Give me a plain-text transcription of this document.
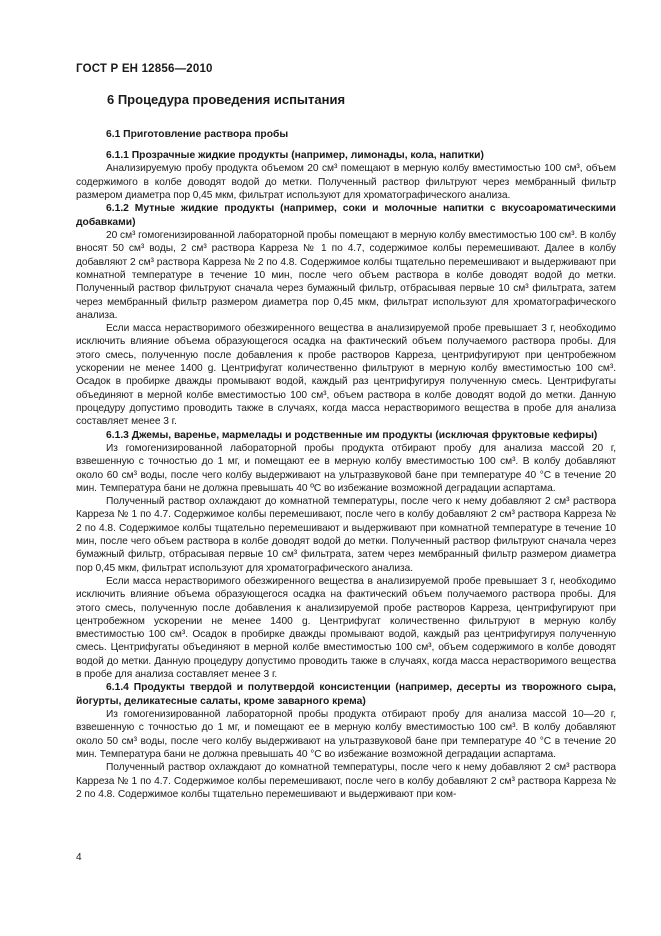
ГОСТ Р ЕН 12856—2010
6 Процедура проведения испытания
6.1 Приготовление раствора пробы

6.1.1 Прозрачные жидкие продукты (например, лимонады, кола, напитки)

Анализируемую пробу продукта объемом 20 см³ помещают в мерную колбу вместимостью 100 см³, объем содержимого в колбе доводят водой до метки. Полученный раствор фильтруют через мембранный фильтр размером диаметра пор 0,45 мкм, фильтрат используют для хроматографического анализа.

6.1.2 Мутные жидкие продукты (например, соки и молочные напитки с вкусоароматическими добавками)

20 см³ гомогенизированной лабораторной пробы помещают в мерную колбу вместимостью 100 см³. В колбу вносят 50 см³ воды, 2 см³ раствора Карреза № 1 по 4.7, содержимое колбы перемешивают. Далее в колбу добавляют 2 см³ раствора Карреза № 2 по 4.8. Содержимое колбы тщательно перемешивают и выдерживают при комнатной температуре в течение 10 мин, после чего объем раствора в колбе доводят водой до метки. Полученный раствор фильтруют сначала через бумажный фильтр, отбрасывая первые 10 см³ фильтрата, затем через мембранный фильтр размером диаметра пор 0,45 мкм, фильтрат используют для хроматографического анализа.

Если масса нерастворимого обезжиренного вещества в анализируемой пробе превышает 3 г, необходимо исключить влияние объема образующегося осадка на фактический объем получаемого раствора пробы. Для этого смесь, полученную после добавления к пробе растворов Карреза, центрифугируют при центробежном ускорении не менее 1400 g. Центрифугат количественно фильтруют в мерную колбу вместимостью 100 см³. Осадок в пробирке дважды промывают водой, каждый раз центрифугируя полученную смесь. Центрифугаты объединяют в мерной колбе вместимостью 100 см³, объем раствора в колбе доводят водой до метки. Данную процедуру допустимо проводить также в случаях, когда масса нерастворимого вещества в пробе для анализа составляет менее 3 г.

6.1.3 Джемы, варенье, мармелады и родственные им продукты (исключая фруктовые кефиры)

Из гомогенизированной лабораторной пробы продукта отбирают пробу для анализа массой 20 г, взвешенную с точностью до 1 мг, и помещают ее в мерную колбу вместимостью 100 см³. В колбу добавляют около 60 см³ воды, после чего колбу выдерживают на ультразвуковой бане при температуре 40 °С в течение 20 мин. Температура бани не должна превышать 40 ºС во избежание возможной деградации аспартама.

Полученный раствор охлаждают до комнатной температуры, после чего к нему добавляют 2 см³ раствора Карреза № 1 по 4.7. Содержимое колбы перемешивают, после чего в колбу добавляют 2 см³ раствора Карреза № 2 по 4.8. Содержимое колбы тщательно перемешивают и выдерживают при комнатной температуре в течение 10 мин, после чего объем раствора в колбе доводят водой до метки. Полученный раствор фильтруют сначала через бумажный фильтр, отбрасывая первые 10 см³ фильтрата, затем через мембранный фильтр размером диаметра пор 0,45 мкм, фильтрат используют для хроматографического анализа.

Если масса нерастворимого обезжиренного вещества в анализируемой пробе превышает 3 г, необходимо исключить влияние объема образующегося осадка на фактический объем получаемого раствора пробы. Для этого смесь, полученную после добавления к анализируемой пробе растворов Карреза, центрифугируют при центробежном ускорении не менее 1400 g. Центрифугат количественно фильтруют в мерную колбу вместимостью 100 см³. Осадок в пробирке дважды промывают водой, каждый раз центрифугируя полученную смесь. Центрифугаты объединяют в мерной колбе вместимостью 100 см³, объем содержимого в колбе доводят водой до метки. Данную процедуру допустимо проводить также в случаях, когда масса нерастворимого вещества в пробе для анализа составляет менее 3 г.

6.1.4 Продукты твердой и полутвердой консистенции (например, десерты из творожного сыра, йогурты, деликатесные салаты, кроме заварного крема)

Из гомогенизированной лабораторной пробы продукта отбирают пробу для анализа массой 10—20 г, взвешенную с точностью до 1 мг, и помещают ее в мерную колбу вместимостью 100 см³. В колбу добавляют около 50 см³ воды, после чего колбу выдерживают на ультразвуковой бане при температуре 40 °С в течение 20 мин. Температура бани не должна превышать 40 °С во избежание возможной деградации аспартама.

Полученный раствор охлаждают до комнатной температуры, после чего к нему добавляют 2 см³ раствора Карреза № 1 по 4.7. Содержимое колбы перемешивают, после чего в колбу добавляют 2 см³ раствора Карреза № 2 по 4.8. Содержимое колбы тщательно перемешивают и выдерживают при ком-

4
